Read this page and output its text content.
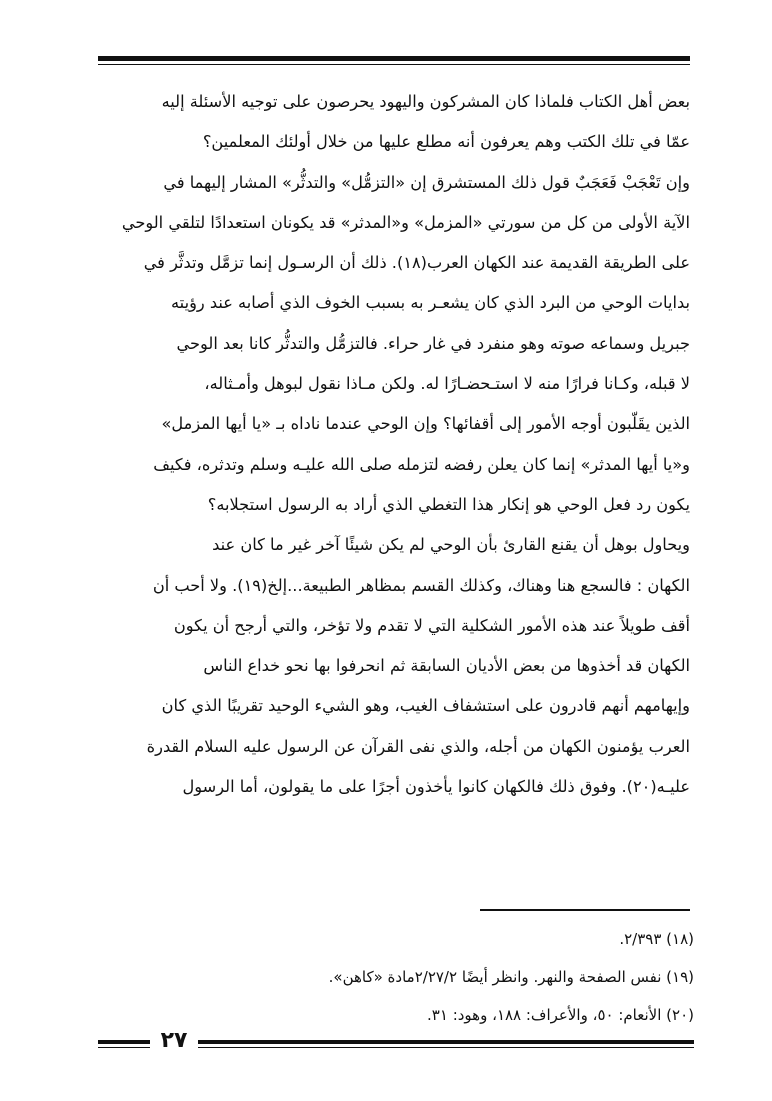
بعض أهل الكتاب فلماذا كان المشركون واليهود يحرصون على توجيه الأسئلة إليه

عمّا في تلك الكتب وهم يعرفون أنه مطلع عليها من خلال أولئك المعلمين؟

وإن تَعْجَبْ فَعَجَبٌ قول ذلك المستشرق إن «التزمُّل» والتدثُّر» المشار إليهما في

الآية الأولى من كل من سورتي «المزمل» و«المدثر» قد يكونان استعدادًا لتلقي الوحي

على الطريقة القديمة عند الكهان العرب(١٨). ذلك أن الرسـول إنما تزمَّل وتدثَّر في

بدايات الوحي من البرد الذي كان يشعـر به بسبب الخوف الذي أصابه عند رؤيته

جبريل وسماعه صوته وهو منفرد في غار حراء. فالتزمُّل والتدثُّر كانا بعد الوحي

لا قبله، وكـانا فرارًا منه لا استـحضـارًا له. ولكن مـاذا نقول لبوهل وأمـثاله،

الذين يقَلّبون أوجه الأمور إلى أقفائها؟ وإن الوحي عندما ناداه بـ «يا أيها المزمل»

و«يا أيها المدثر» إنما كان يعلن رفضه لتزمله صلى الله عليـه وسلم وتدثره، فكيف

يكون رد فعل الوحي هو إنكار هذا التغطي الذي أراد به الرسول استجلابه؟

ويحاول بوهل أن يقنع القارئ بأن الوحي لم يكن شيئًا آخر غير ما كان عند

الكهان : فالسجع هنا وهناك، وكذلك القسم بمظاهر الطبيعة...إلخ(١٩). ولا أحب أن

أقف طويلاً عند هذه الأمور الشكلية التي لا تقدم ولا تؤخر، والتي أرجح أن يكون

الكهان قد أخذوها من بعض الأديان السابقة ثم انحرفوا بها نحو خداع الناس

وإيهامهم أنهم قادرون على استشفاف الغيب، وهو الشيء الوحيد تقريبًا الذي كان

العرب يؤمنون الكهان من أجله، والذي نفى القرآن عن الرسول عليه السلام القدرة

عليـه(٢٠). وفوق ذلك فالكهان كانوا يأخذون أجرًا على ما يقولون، أما الرسول

(١٨) ٢/٣٩٣.

(١٩) نفس الصفحة والنهر. وانظر أيضًا ٢/٢٧/٢مادة «كاهن».

(٢٠) الأنعام: ٥٠، والأعراف: ١٨٨، وهود: ٣١.

٢٧
